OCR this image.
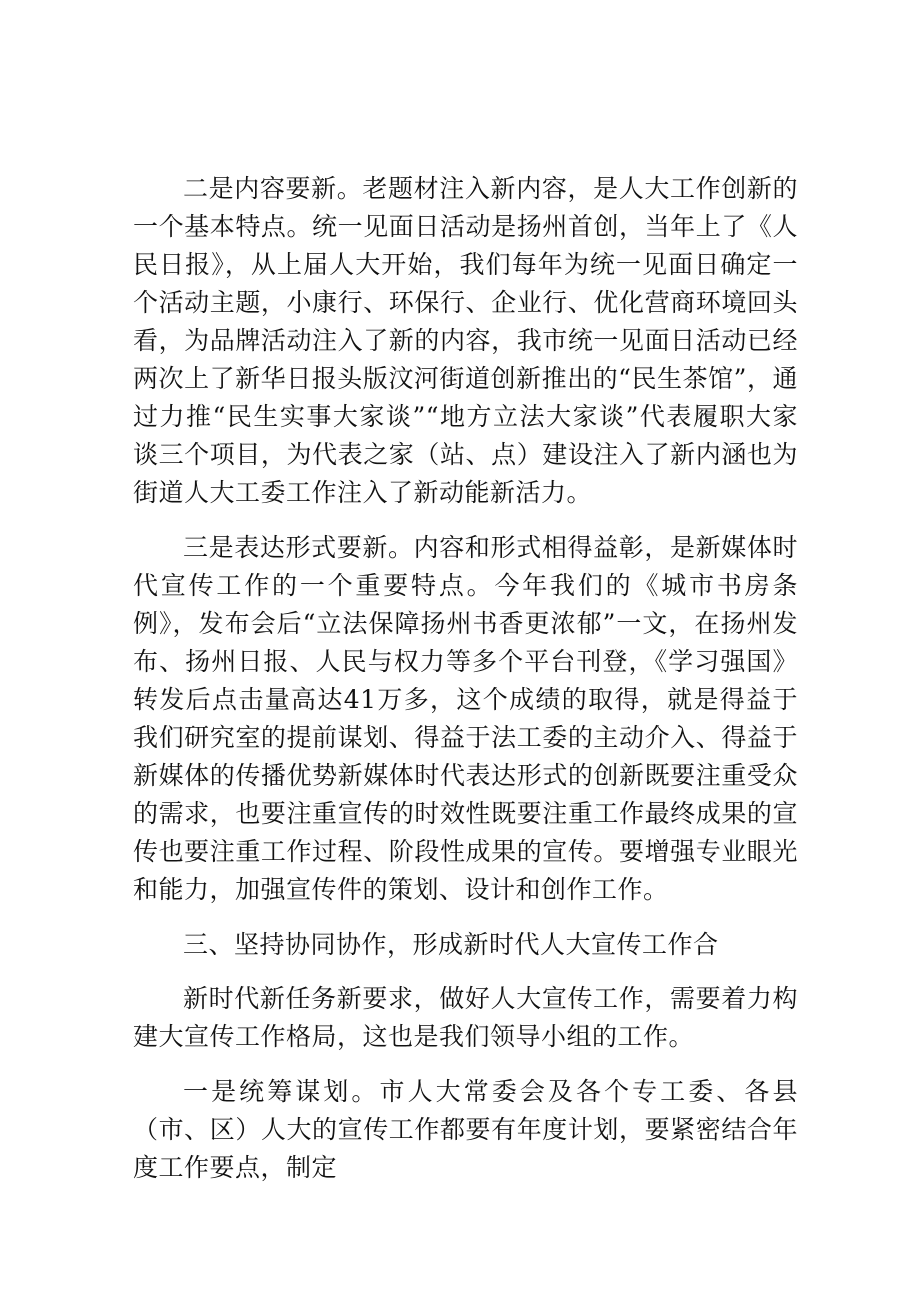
二是内容要新。老题材注入新内容，是人大工作创新的一个基本特点。统一见面日活动是扬州首创，当年上了《人民日报》，从上届人大开始，我们每年为统一见面日确定一个活动主题，小康行、环保行、企业行、优化营商环境回头看，为品牌活动注入了新的内容，我市统一见面日活动已经两次上了新华日报头版汶河街道创新推出的“民生茶馆”，通过力推“民生实事大家谈”“地方立法大家谈”代表履职大家谈三个项目，为代表之家（站、点）建设注入了新内涵也为街道人大工委工作注入了新动能新活力。

三是表达形式要新。内容和形式相得益彰，是新媒体时代宣传工作的一个重要特点。今年我们的《城市书房条例》，发布会后“立法保障扬州书香更浓郁”一文，在扬州发布、扬州日报、人民与权力等多个平台刊登，《学习强国》转发后点击量高达41万多，这个成绩的取得，就是得益于我们研究室的提前谋划、得益于法工委的主动介入、得益于新媒体的传播优势新媒体时代表达形式的创新既要注重受众的需求，也要注重宣传的时效性既要注重工作最终成果的宣传也要注重工作过程、阶段性成果的宣传。要增强专业眼光和能力，加强宣传件的策划、设计和创作工作。

三、坚持协同协作，形成新时代人大宣传工作合

新时代新任务新要求，做好人大宣传工作，需要着力构建大宣传工作格局，这也是我们领导小组的工作。

一是统筹谋划。市人大常委会及各个专工委、各县（市、区）人大的宣传工作都要有年度计划，要紧密结合年度工作要点，制定
